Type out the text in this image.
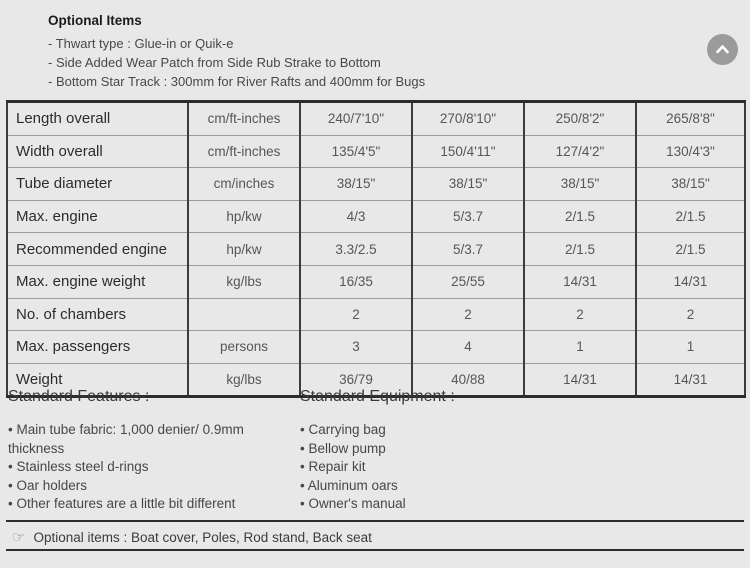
Optional Items
- Thwart type : Glue-in or Quik-e
- Side Added Wear Patch from Side Rub Strake to Bottom
- Bottom Star Track : 300mm for River Rafts and 400mm for Bugs
Length overall	cm/ft-inches	240/7'10"	270/8'10"	250/8'2"	265/8'8"
Width overall	cm/ft-inches	135/4'5"	150/4'11"	127/4'2"	130/4'3"
Tube diameter	cm/inches	38/15"	38/15"	38/15"	38/15"
Max. engine	hp/kw	4/3	5/3.7	2/1.5	2/1.5
Recommended engine	hp/kw	3.3/2.5	5/3.7	2/1.5	2/1.5
Max. engine weight	kg/lbs	16/35	25/55	14/31	14/31
No. of chambers		2	2	2	2
Max. passengers	persons	3	4	1	1
Weight	kg/lbs	36/79	40/88	14/31	14/31
Standard Features :
• Main tube fabric: 1,000 denier/ 0.9mm thickness
• Stainless steel d-rings
• Oar holders
• Other features are a little bit different
Standard Equipment :
• Carrying bag
• Bellow pump
• Repair kit
• Aluminum oars
• Owner's manual
☞ Optional items : Boat cover, Poles, Rod stand, Back seat
